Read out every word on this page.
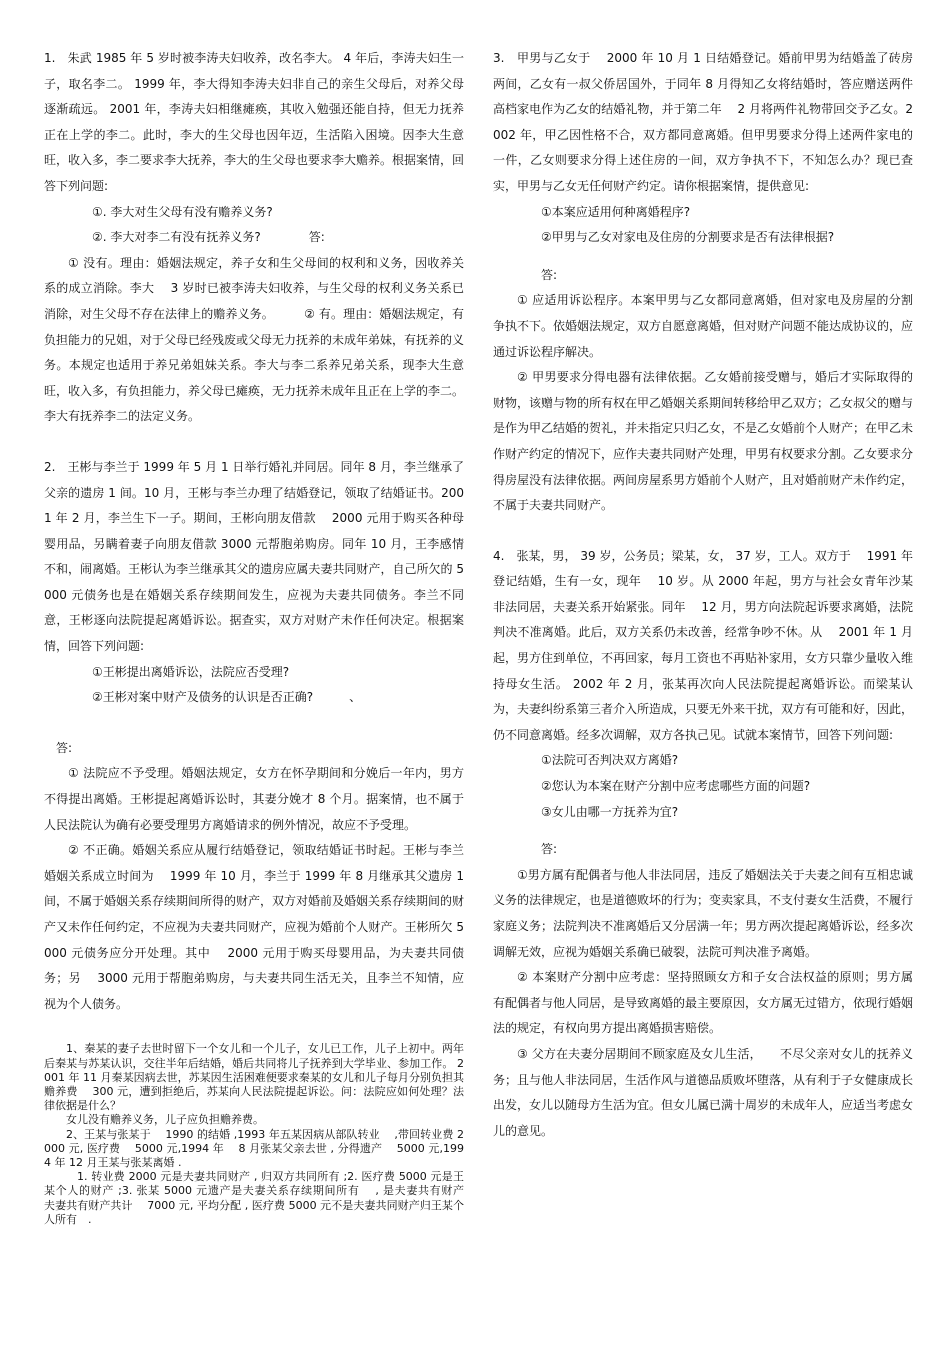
1.　朱武 1985 年 5 岁时被李涛夫妇收养，改名李大。 4 年后，李涛夫妇生一子，取名李二。 1999 年，李大得知李涛夫妇非自己的亲生父母后，对养父母逐渐疏远。 2001 年，李涛夫妇相继瘫痪，其收入勉强还能自持，但无力抚养正在上学的李二。此时，李大的生父母也因年迈，生活陷入困境。因李大生意旺，收入多，李二要求李大抚养，李大的生父母也要求李大赡养。根据案情，回答下列问题:

①. 李大对生父母有没有赡养义务?

②. 李大对李二有没有抚养义务?　　　　答:

① 没有。理由：婚姻法规定，养子女和生父母间的权利和义务，因收养关系的成立消除。李大　 3 岁时已被李涛夫妇收养，与生父母的权利义务关系已消除，对生父母不存在法律上的赡养义务。　　　② 有。理由：婚姻法规定，有负担能力的兄姐，对于父母已经残废或父母无力抚养的未成年弟妹，有抚养的义务。本规定也适用于养兄弟姐妹关系。李大与李二系养兄弟关系，现李大生意旺，收入多，有负担能力，养父母已瘫痪，无力抚养未成年且正在上学的李二。李大有抚养李二的法定义务。

2.　王彬与李兰于 1999 年 5 月 1 日举行婚礼并同居。同年 8 月，李兰继承了父亲的遗房 1 间。10 月，王彬与李兰办理了结婚登记，领取了结婚证书。2001 年 2 月，李兰生下一子。期间，王彬向朋友借款　 2000 元用于购买各种母婴用品，另瞒着妻子向朋友借款 3000 元帮胞弟购房。同年 10 月，王李感情不和，闹离婚。王彬认为李兰继承其父的遗房应属夫妻共同财产，自己所欠的 5000 元债务也是在婚姻关系存续期间发生，应视为夫妻共同债务。李兰不同意，王彬逐向法院提起离婚诉讼。据查实，双方对财产未作任何决定。根据案情，回答下列问题:

①王彬提出离婚诉讼，法院应否受理?

②王彬对案中财产及债务的认识是否正确?　　　、

答:

① 法院应不予受理。婚姻法规定，女方在怀孕期间和分娩后一年内，男方不得提出离婚。王彬提起离婚诉讼时，其妻分娩才 8 个月。据案情，也不属于人民法院认为确有必要受理男方离婚请求的例外情况，故应不予受理。

② 不正确。婚姻关系应从履行结婚登记，领取结婚证书时起。王彬与李兰婚姻关系成立时间为　 1999 年 10 月，李兰于 1999 年 8 月继承其父遗房 1 间，不属于婚姻关系存续期间所得的财产，双方对婚前及婚姻关系存续期间的财产又未作任何约定，不应视为夫妻共同财产，应视为婚前个人财产。王彬所欠 5000 元债务应分开处理。其中　 2000 元用于购买母婴用品，为夫妻共同债务；另　 3000 元用于帮胞弟购房，与夫妻共同生活无关，且李兰不知情，应视为个人债务。

1、秦某的妻子去世时留下一个女儿和一个儿子，女儿已工作，儿子上初中。两年后秦某与苏某认识，交往半年后结婚，婚后共同将儿子抚养到大学毕业、参加工作。 2001 年 11 月秦某因病去世，苏某因生活困难便要求秦某的女儿和儿子每月分别负担其赡养费　 300 元，遭到拒绝后，苏某向人民法院提起诉讼。问：法院应如何处理？法律依据是什么？

女儿没有赡养义务，儿子应负担赡养费。

2、王某与张某于　 1990 的结婚 ,1993 年五某因病从部队转业　 ,带回转业费 2000 元, 医疗费　 5000 元,1994 年　 8 月张某父亲去世 , 分得遗产　 5000 元,1994 年 12 月王某与张某离婚 .

1. 转业费 2000 元是夫妻共同财产 , 归双方共同所有 ;2. 医疗费 5000 元是王某个人的财产 ;3. 张某 5000 元遗产是夫妻关系存续期间所有　 , 是夫妻共有财产　　夫妻共有财产共计　 7000 元, 平均分配 , 医疗费 5000 元不是夫妻共同财产归王某个人所有　.

3.　甲男与乙女于　 2000 年 10 月 1 日结婚登记。婚前甲男为结婚盖了砖房两间，乙女有一叔父侨居国外，于同年 8 月得知乙女将结婚时，答应赠送两件高档家电作为乙女的结婚礼物，并于第二年　 2 月将两件礼物带回交予乙女。2002 年，甲乙因性格不合，双方都同意离婚。但甲男要求分得上述两件家电的一件，乙女则要求分得上述住房的一间，双方争执不下，不知怎么办？现已查实，甲男与乙女无任何财产约定。请你根据案情，提供意见:

①本案应适用何种离婚程序?

②甲男与乙女对家电及住房的分割要求是否有法律根据?

答:

① 应适用诉讼程序。本案甲男与乙女都同意离婚，但对家电及房屋的分割争执不下。依婚姻法规定，双方自愿意离婚，但对财产问题不能达成协议的，应通过诉讼程序解决。

② 甲男要求分得电器有法律依据。乙女婚前接受赠与，婚后才实际取得的财物，该赠与物的所有权在甲乙婚姻关系期间转移给甲乙双方；乙女叔父的赠与是作为甲乙结婚的贺礼，并未指定只归乙女，不是乙女婚前个人财产；在甲乙未作财产约定的情况下，应作夫妻共同财产处理，甲男有权要求分割。乙女要求分得房屋没有法律依据。两间房屋系男方婚前个人财产，且对婚前财产未作约定，不属于夫妻共同财产。

4.　张某，男， 39 岁，公务员；梁某，女， 37 岁，工人。双方于　 1991 年登记结婚，生有一女，现年　 10 岁。从 2000 年起，男方与社会女青年沙某非法同居，夫妻关系开始紧张。同年　 12 月，男方向法院起诉要求离婚，法院判决不准离婚。此后，双方关系仍未改善，经常争吵不休。从　 2001 年 1 月起，男方住到单位，不再回家，每月工资也不再贴补家用，女方只靠少量收入维持母女生活。 2002 年 2 月，张某再次向人民法院提起离婚诉讼。而梁某认为，夫妻纠纷系第三者介入所造成，只要无外来干扰，双方有可能和好，因此，仍不同意离婚。经多次调解，双方各执己见。试就本案情节，回答下列问题:

①法院可否判决双方离婚?

②您认为本案在财产分割中应考虑哪些方面的问题?

③女儿由哪一方抚养为宜?

答:

①男方属有配偶者与他人非法同居，违反了婚姻法关于夫妻之间有互相忠诚义务的法律规定，也是道德败坏的行为；变卖家具，不支付妻女生活费，不履行家庭义务；法院判决不准离婚后又分居满一年；男方两次提起离婚诉讼，经多次调解无效，应视为婚姻关系确已破裂，法院可判决准予离婚。

② 本案财产分割中应考虑：坚持照顾女方和子女合法权益的原则；男方属有配偶者与他人同居，是导致离婚的最主要原因，女方属无过错方，依现行婚姻法的规定，有权向男方提出离婚损害赔偿。

③ 父方在夫妻分居期间不顾家庭及女儿生活，　　不尽父亲对女儿的抚养义务；且与他人非法同居，生活作风与道德品质败坏堕落，从有利于子女健康成长出发，女儿以随母方生活为宜。但女儿属已满十周岁的未成年人，应适当考虑女儿的意见。
